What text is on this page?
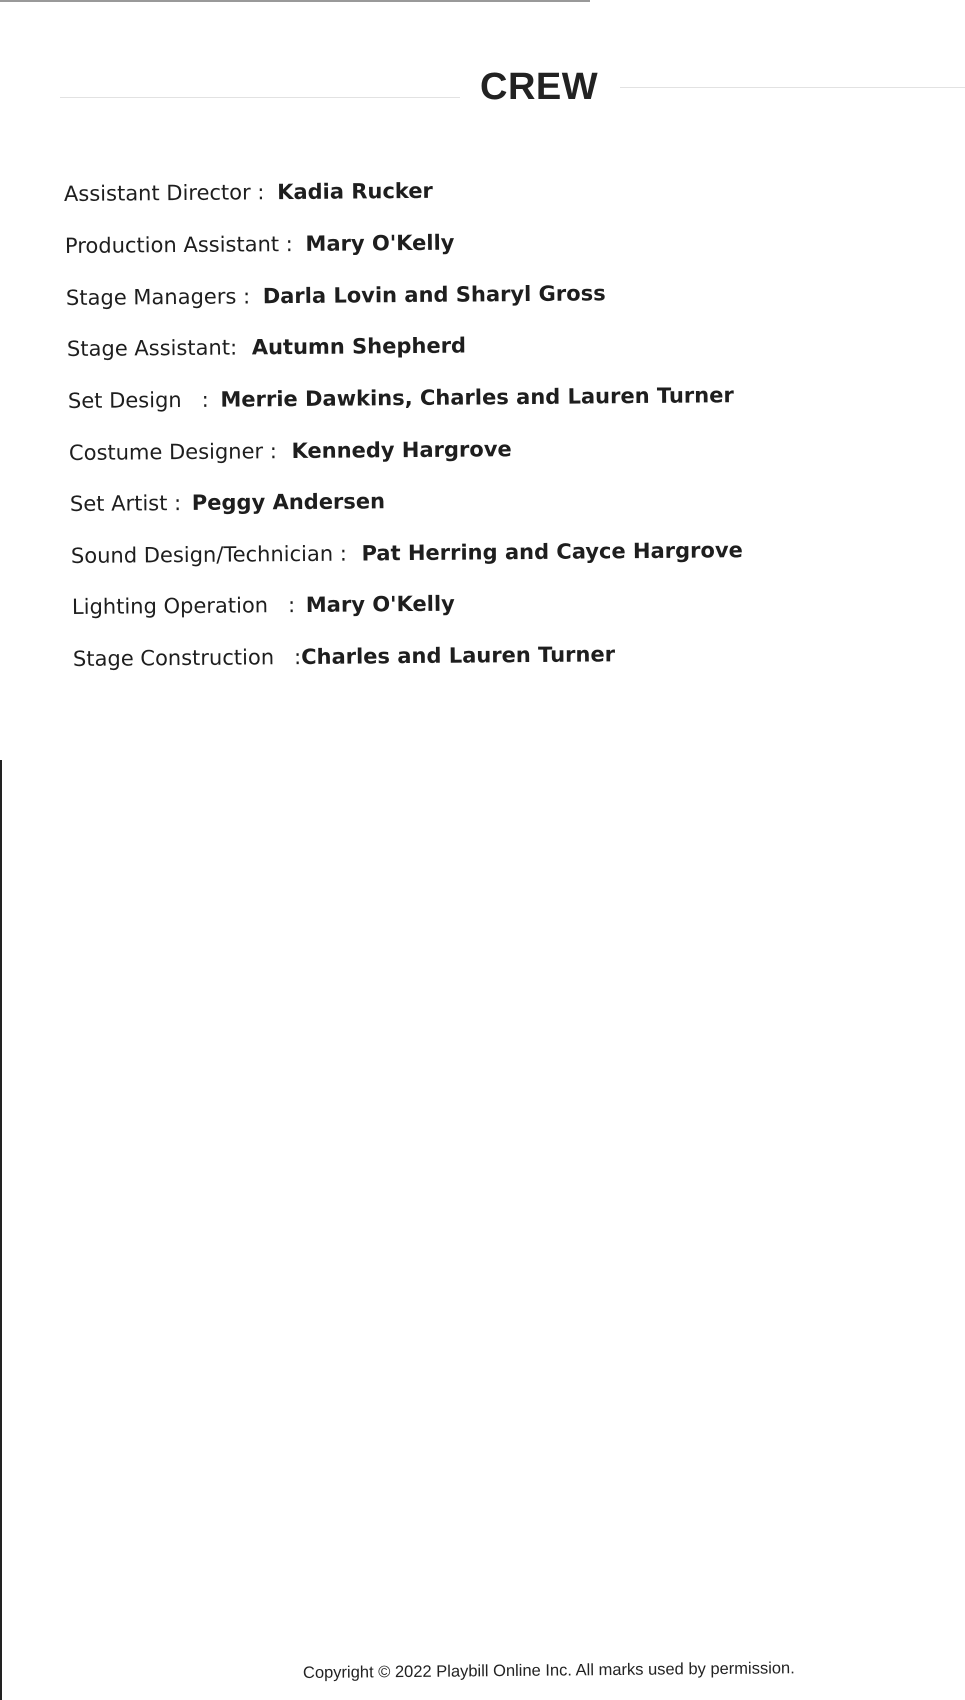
CREW
Assistant Director : Kadia Rucker
Production Assistant : Mary O'Kelly
Stage Managers : Darla Lovin and Sharyl Gross
Stage Assistant: Autumn Shepherd
Set Design   : Merrie Dawkins, Charles and Lauren Turner
Costume Designer : Kennedy Hargrove
Set Artist : Peggy Andersen
Sound Design/Technician : Pat Herring and Cayce Hargrove
Lighting Operation   : Mary O'Kelly
Stage Construction   :Charles and Lauren Turner
Copyright © 2022 Playbill Online Inc. All marks used by permission.
